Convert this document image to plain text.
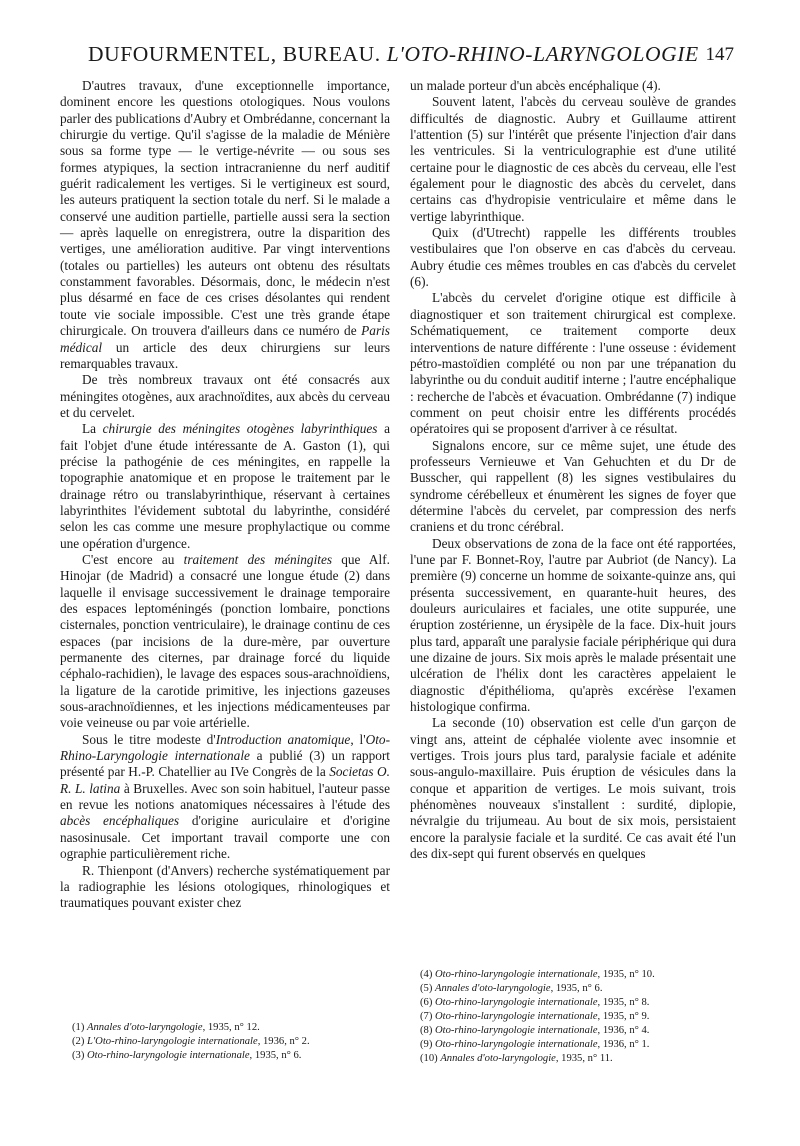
DUFOURMENTEL, BUREAU. L'OTO-RHINO-LARYNGOLOGIE 147

D'autres travaux, d'une exceptionnelle importance, dominent encore les questions otologiques. Nous voulons parler des publications d'Aubry et Ombrédanne, concernant la chirurgie du vertige. Qu'il s'agisse de la maladie de Ménière sous sa forme type — le vertige-névrite — ou sous ses formes atypiques, la section intracranienne du nerf auditif guérit radicalement les vertiges. Si le vertigineux est sourd, les auteurs pratiquent la section totale du nerf. Si le malade a conservé une audition partielle, partielle aussi sera la section — après laquelle on enregistrera, outre la disparition des vertiges, une amélioration auditive. Par vingt interventions (totales ou partielles) les auteurs ont obtenu des résultats constamment favorables. Désormais, donc, le médecin n'est plus désarmé en face de ces crises désolantes qui rendent toute vie sociale impossible. C'est une très grande étape chirurgicale. On trouvera d'ailleurs dans ce numéro de Paris médical un article des deux chirurgiens sur leurs remarquables travaux.

De très nombreux travaux ont été consacrés aux méningites otogènes, aux arachnoïdites, aux abcès du cerveau et du cervelet.

La chirurgie des méningites otogènes labyrinthiques a fait l'objet d'une étude intéressante de A. Gaston (1), qui précise la pathogénie de ces méningites, en rappelle la topographie anatomique et en propose le traitement par le drainage rétro ou translabyrinthique, réservant à certaines labyrinthites l'évidement subtotal du labyrinthe, considéré selon les cas comme une mesure prophylactique ou comme une opération d'urgence.

C'est encore au traitement des méningites que Alf. Hinojar (de Madrid) a consacré une longue étude (2) dans laquelle il envisage successivement le drainage temporaire des espaces leptoméningés (ponction lombaire, ponctions cisternales, ponction ventriculaire), le drainage continu de ces espaces (par incisions de la dure-mère, par ouverture permanente des citernes, par drainage forcé du liquide céphalo-rachidien), le lavage des espaces sous-arachnoïdiens, la ligature de la carotide primitive, les injections gazeuses sous-arachnoïdiennes, et les injections médicamenteuses par voie veineuse ou par voie artérielle.

Sous le titre modeste d'Introduction anatomique, l'Oto-Rhino-Laryngologie internationale a publié (3) un rapport présenté par H.-P. Chatellier au IVe Congrès de la Societas O. R. L. latina à Bruxelles. Avec son soin habituel, l'auteur passe en revue les notions anatomiques nécessaires à l'étude des abcès encéphaliques d'origine auriculaire et d'origine nasosinusale. Cet important travail comporte une con ographie particulièrement riche.

R. Thienpont (d'Anvers) recherche systématiquement par la radiographie les lésions otologiques, rhinologiques et traumatiques pouvant exister chez

un malade porteur d'un abcès encéphalique (4).

Souvent latent, l'abcès du cerveau soulève de grandes difficultés de diagnostic. Aubry et Guillaume attirent l'attention (5) sur l'intérêt que présente l'injection d'air dans les ventricules. Si la ventriculographie est d'une utilité certaine pour le diagnostic de ces abcès du cerveau, elle l'est également pour le diagnostic des abcès du cervelet, dans certains cas d'hydropisie ventriculaire et même dans le vertige labyrinthique.

Quix (d'Utrecht) rappelle les différents troubles vestibulaires que l'on observe en cas d'abcès du cerveau. Aubry étudie ces mêmes troubles en cas d'abcès du cervelet (6).

L'abcès du cervelet d'origine otique est difficile à diagnostiquer et son traitement chirurgical est complexe. Schématiquement, ce traitement comporte deux interventions de nature différente : l'une osseuse : évidement pétro-mastoïdien complété ou non par une trépanation du labyrinthe ou du conduit auditif interne ; l'autre encéphalique : recherche de l'abcès et évacuation. Ombrédanne (7) indique comment on peut choisir entre les différents procédés opératoires qui se proposent d'arriver à ce résultat.

Signalons encore, sur ce même sujet, une étude des professeurs Vernieuwe et Van Gehuchten et du Dr de Busscher, qui rappellent (8) les signes vestibulaires du syndrome cérébelleux et énumèrent les signes de foyer que détermine l'abcès du cervelet, par compression des nerfs craniens et du tronc cérébral.

Deux observations de zona de la face ont été rapportées, l'une par F. Bonnet-Roy, l'autre par Aubriot (de Nancy). La première (9) concerne un homme de soixante-quinze ans, qui présenta successivement, en quarante-huit heures, des douleurs auriculaires et faciales, une otite suppurée, une éruption zostérienne, un érysipèle de la face. Dix-huit jours plus tard, apparaît une paralysie faciale périphérique qui dura une dizaine de jours. Six mois après le malade présentait une ulcération de l'hélix dont les caractères appelaient le diagnostic d'épithélioma, qu'après excérèse l'examen histologique confirma.

La seconde (10) observation est celle d'un garçon de vingt ans, atteint de céphalée violente avec insomnie et vertiges. Trois jours plus tard, paralysie faciale et adénite sous-angulo-maxillaire. Puis éruption de vésicules dans la conque et apparition de vertiges. Le mois suivant, trois phénomènes nouveaux s'installent : surdité, diplopie, névralgie du trijumeau. Au bout de six mois, persistaient encore la paralysie faciale et la surdité. Ce cas avait été l'un des dix-sept qui furent observés en quelques

(1) Annales d'oto-laryngologie, 1935, n° 12.

(2) L'Oto-rhino-laryngologie internationale, 1936, n° 2.

(3) Oto-rhino-laryngologie internationale, 1935, n° 6.

(4) Oto-rhino-laryngologie internationale, 1935, n° 10.

(5) Annales d'oto-laryngologie, 1935, n° 6.

(6) Oto-rhino-laryngologie internationale, 1935, n° 8.

(7) Oto-rhino-laryngologie internationale, 1935, n° 9.

(8) Oto-rhino-laryngologie internationale, 1936, n° 4.

(9) Oto-rhino-laryngologie internationale, 1936, n° 1.

(10) Annales d'oto-laryngologie, 1935, n° 11.
